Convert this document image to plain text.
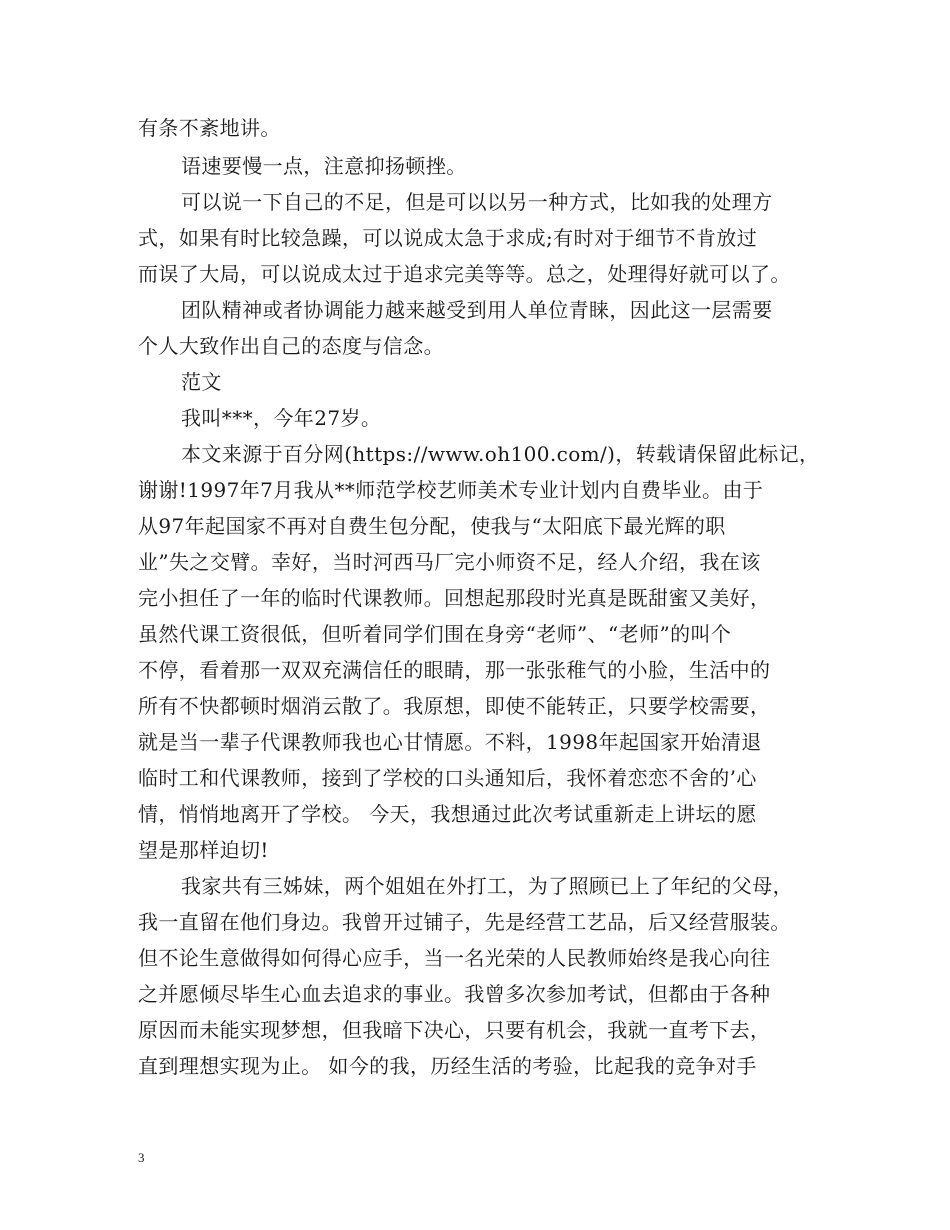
有条不紊地讲。
语速要慢一点，注意抑扬顿挫。
可以说一下自己的不足，但是可以以另一种方式，比如我的处理方
式，如果有时比较急躁，可以说成太急于求成;有时对于细节不肯放过
而误了大局，可以说成太过于追求完美等等。总之，处理得好就可以了。
团队精神或者协调能力越来越受到用人单位青睐，因此这一层需要
个人大致作出自己的态度与信念。
范文
我叫***，今年27岁。
本文来源于百分网(https://www.oh100.com/)，转载请保留此标记，
谢谢!1997年7月我从**师范学校艺师美术专业计划内自费毕业。由于
从97年起国家不再对自费生包分配，使我与“太阳底下最光辉的职
业”失之交臂。幸好，当时河西马厂完小师资不足，经人介绍，我在该
完小担任了一年的临时代课教师。回想起那段时光真是既甜蜜又美好，
虽然代课工资很低，但听着同学们围在身旁“老师”、“老师”的叫个
不停，看着那一双双充满信任的眼睛，那一张张稚气的小脸，生活中的
所有不快都顿时烟消云散了。我原想，即使不能转正，只要学校需要，
就是当一辈子代课教师我也心甘情愿。不料，1998年起国家开始清退
临时工和代课教师，接到了学校的口头通知后，我怀着恋恋不舍的’心
情，悄悄地离开了学校。 今天，我想通过此次考试重新走上讲坛的愿
望是那样迫切!
我家共有三姊妹，两个姐姐在外打工，为了照顾已上了年纪的父母，
我一直留在他们身边。我曾开过铺子，先是经营工艺品，后又经营服装。
但不论生意做得如何得心应手，当一名光荣的人民教师始终是我心向往
之并愿倾尽毕生心血去追求的事业。我曾多次参加考试，但都由于各种
原因而未能实现梦想，但我暗下决心，只要有机会，我就一直考下去，
直到理想实现为止。 如今的我，历经生活的考验，比起我的竞争对手
3
